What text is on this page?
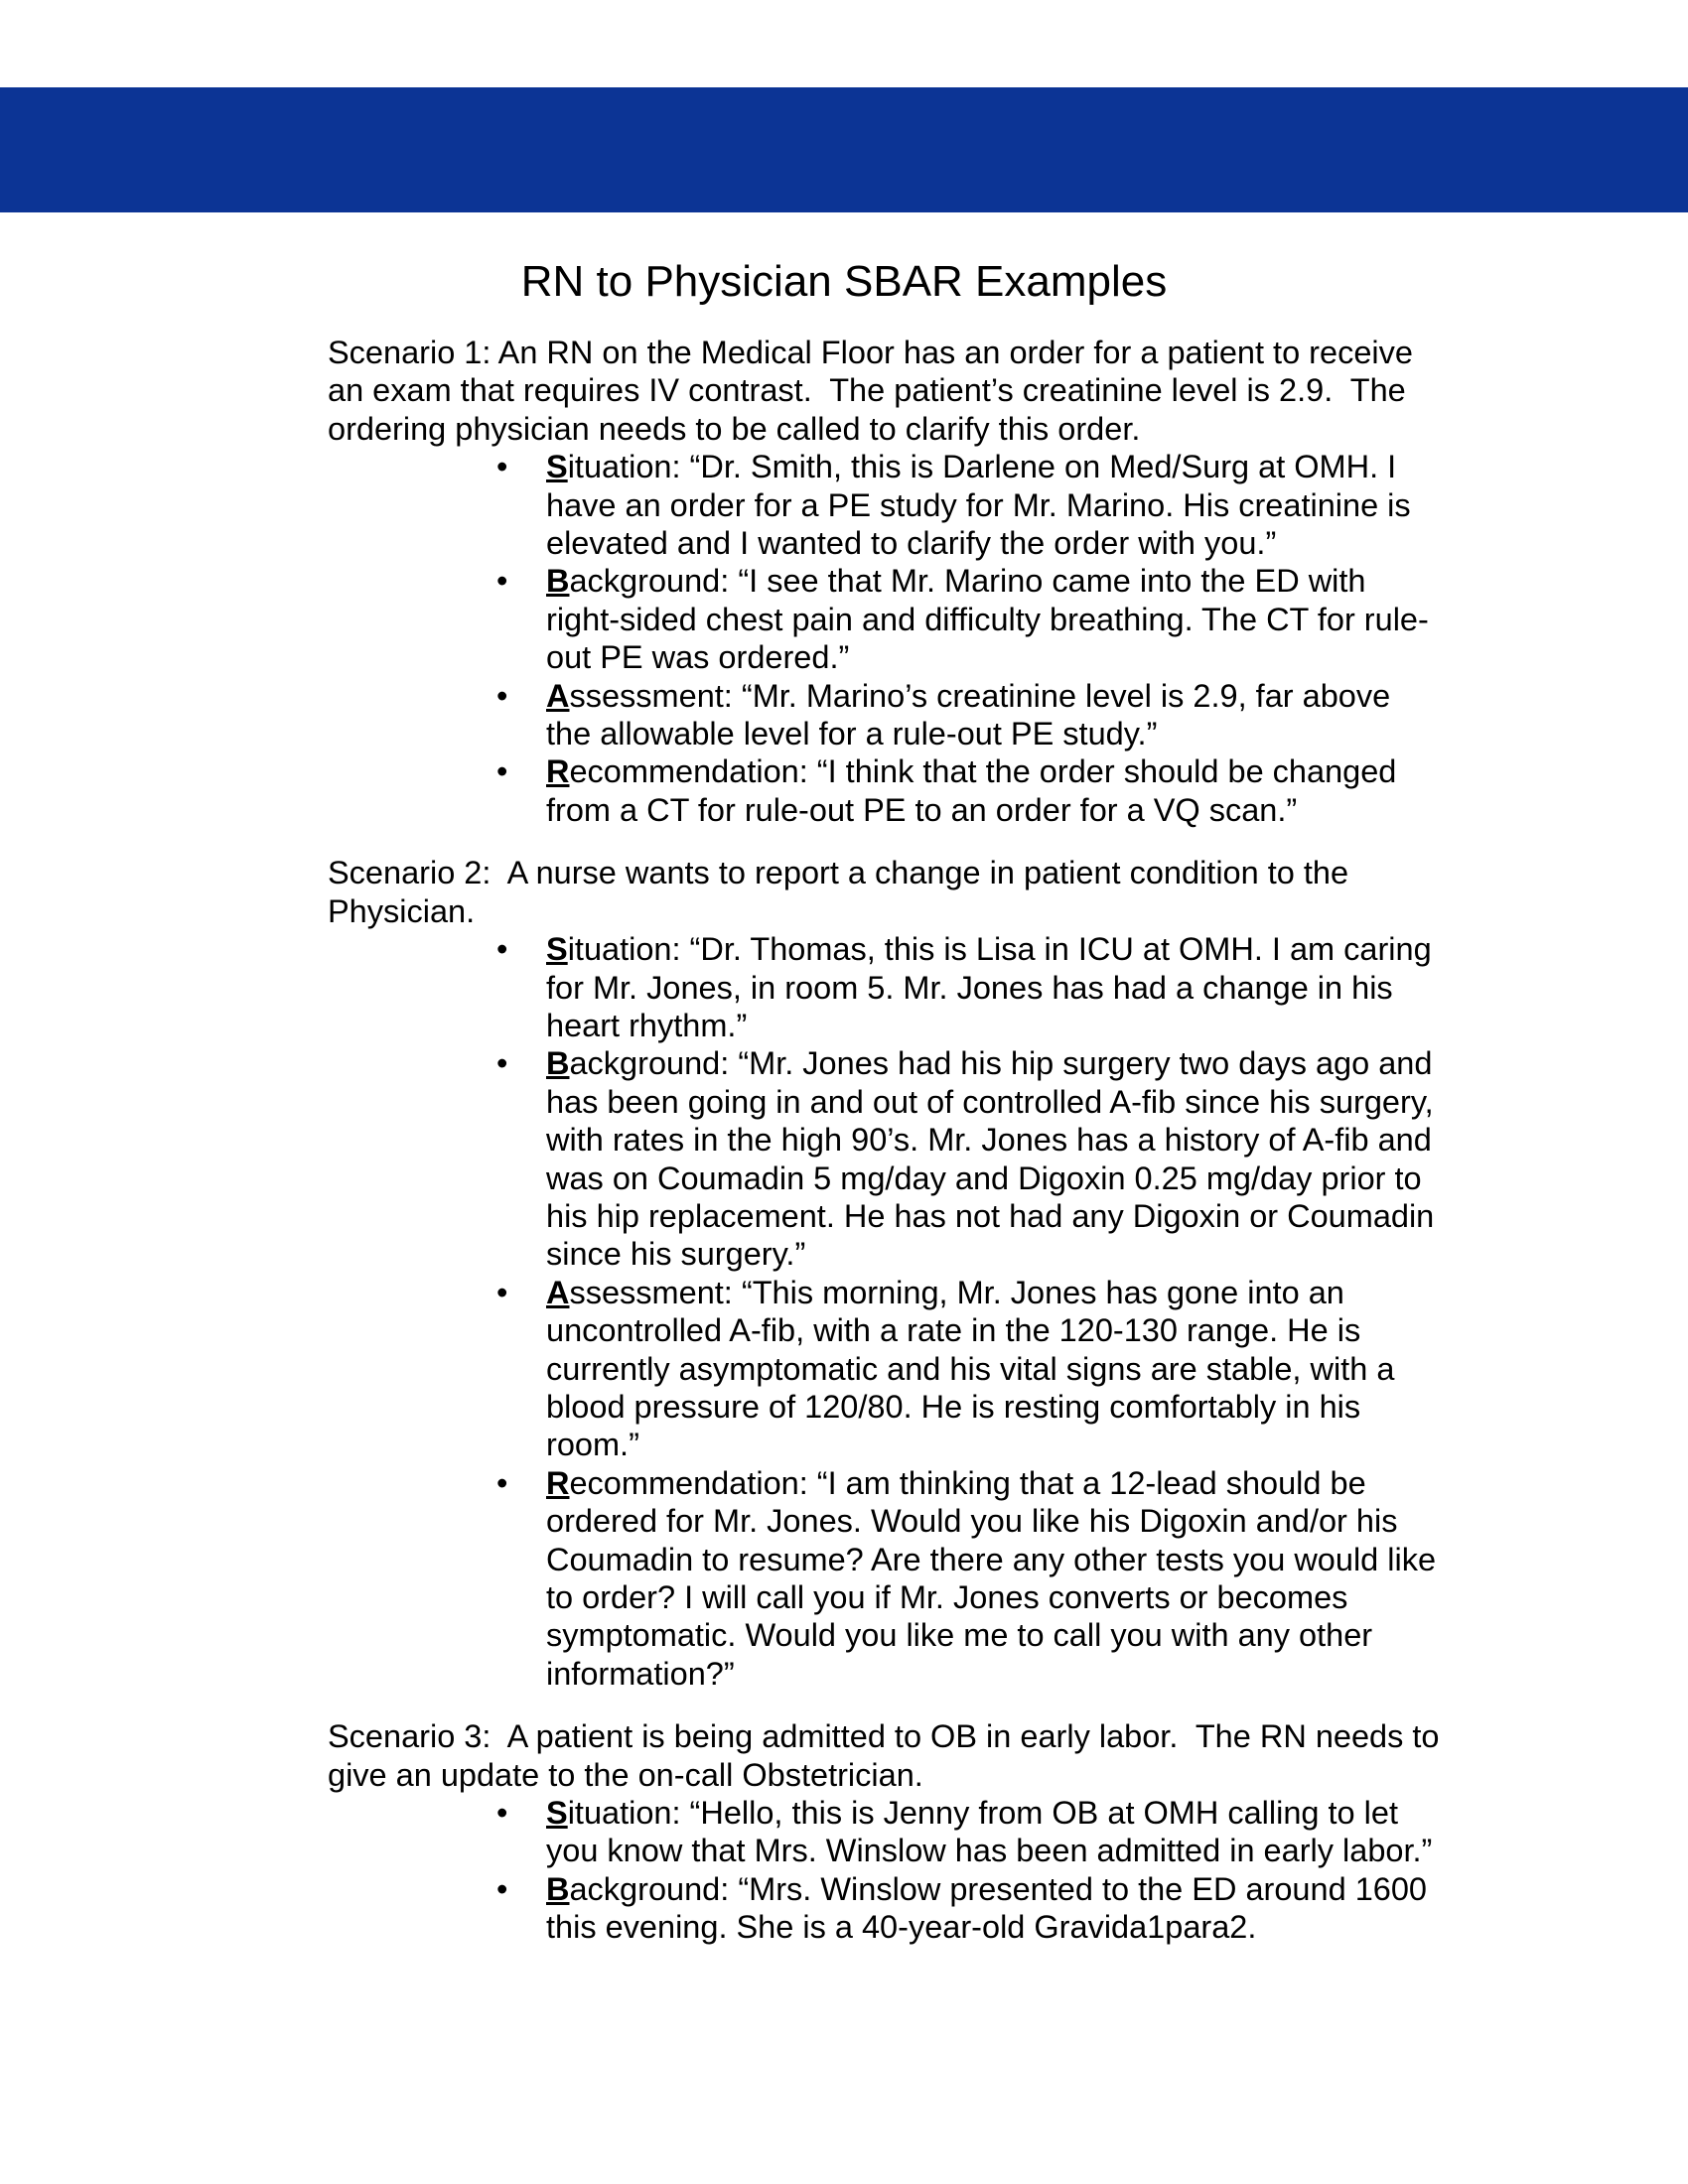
RN to Physician SBAR Examples

Scenario 1: An RN on the Medical Floor has an order for a patient to receive an exam that requires IV contrast.  The patient’s creatinine level is 2.9.  The ordering physician needs to be called to clarify this order.

• Situation: “Dr. Smith, this is Darlene on Med/Surg at OMH. I have an order for a PE study for Mr. Marino. His creatinine is elevated and I wanted to clarify the order with you.”
• Background: “I see that Mr. Marino came into the ED with right-sided chest pain and difficulty breathing. The CT for rule-out PE was ordered.”
• Assessment: “Mr. Marino’s creatinine level is 2.9, far above the allowable level for a rule-out PE study.”
• Recommendation: “I think that the order should be changed from a CT for rule-out PE to an order for a VQ scan.”

Scenario 2:  A nurse wants to report a change in patient condition to the Physician.

• Situation: “Dr. Thomas, this is Lisa in ICU at OMH. I am caring for Mr. Jones, in room 5. Mr. Jones has had a change in his heart rhythm.”
• Background: “Mr. Jones had his hip surgery two days ago and has been going in and out of controlled A-fib since his surgery, with rates in the high 90’s. Mr. Jones has a history of A-fib and was on Coumadin 5 mg/day and Digoxin 0.25 mg/day prior to his hip replacement. He has not had any Digoxin or Coumadin since his surgery.”
• Assessment: “This morning, Mr. Jones has gone into an uncontrolled A-fib, with a rate in the 120-130 range. He is currently asymptomatic and his vital signs are stable, with a blood pressure of 120/80. He is resting comfortably in his room.”
• Recommendation: “I am thinking that a 12-lead should be ordered for Mr. Jones. Would you like his Digoxin and/or his Coumadin to resume? Are there any other tests you would like to order? I will call you if Mr. Jones converts or becomes symptomatic. Would you like me to call you with any other information?”

Scenario 3:  A patient is being admitted to OB in early labor.  The RN needs to give an update to the on-call Obstetrician.

• Situation: “Hello, this is Jenny from OB at OMH calling to let you know that Mrs. Winslow has been admitted in early labor.”
• Background: “Mrs. Winslow presented to the ED around 1600 this evening. She is a 40-year-old Gravida1para2.
